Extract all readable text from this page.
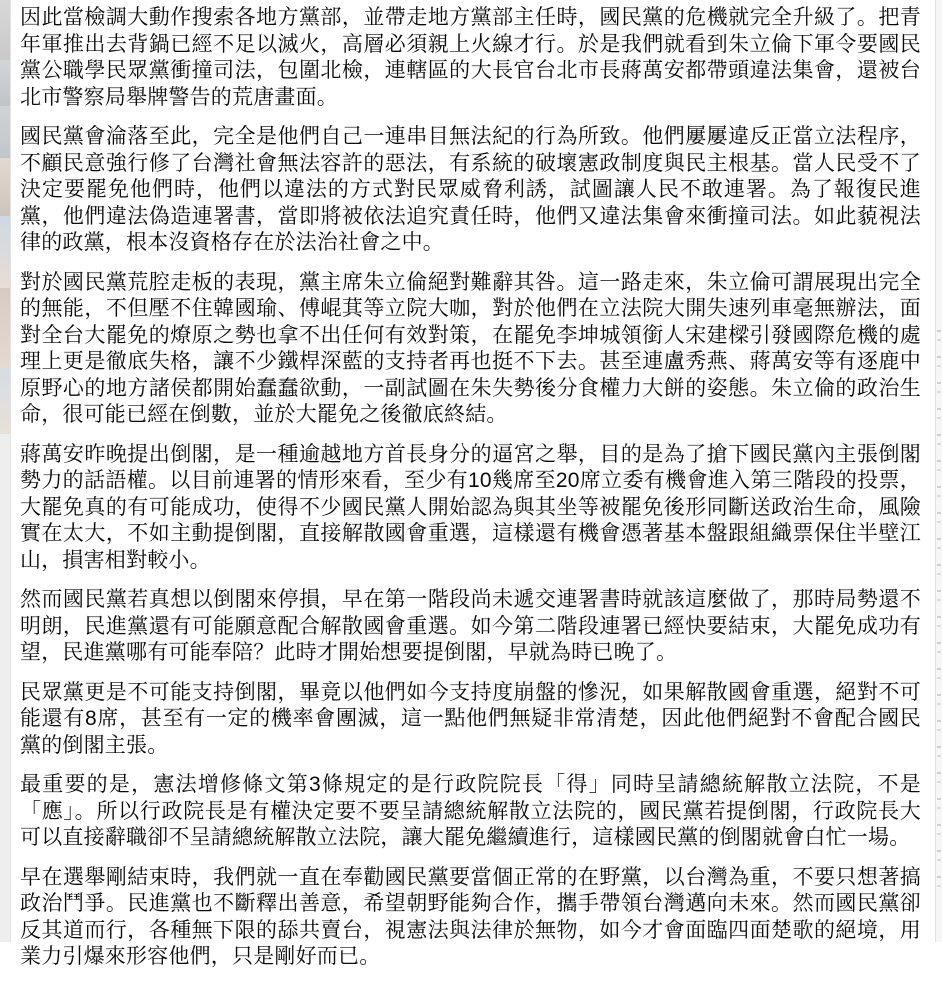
因此當檢調大動作搜索各地方黨部，並帶走地方黨部主任時，國民黨的危機就完全升級了。把青年軍推出去背鍋已經不足以滅火，高層必須親上火線才行。於是我們就看到朱立倫下軍令要國民黨公職學民眾黨衝撞司法，包圍北檢，連轄區的大長官台北市長蔣萬安都帶頭違法集會，還被台北市警察局舉牌警告的荒唐畫面。

國民黨會淪落至此，完全是他們自己一連串目無法紀的行為所致。他們屢屢違反正當立法程序，不顧民意強行修了台灣社會無法容許的惡法，有系統的破壞憲政制度與民主根基。當人民受不了決定要罷免他們時，他們以違法的方式對民眾威脅利誘，試圖讓人民不敢連署。為了報復民進黨，他們違法偽造連署書，當即將被依法追究責任時，他們又違法集會來衝撞司法。如此藐視法律的政黨，根本沒資格存在於法治社會之中。

對於國民黨荒腔走板的表現，黨主席朱立倫絕對難辭其咎。這一路走來，朱立倫可謂展現出完全的無能，不但壓不住韓國瑜、傅崐萁等立院大咖，對於他們在立法院大開失速列車毫無辦法，面對全台大罷免的燎原之勢也拿不出任何有效對策，在罷免李坤城領銜人宋建樑引發國際危機的處理上更是徹底失格，讓不少鐵桿深藍的支持者再也挺不下去。甚至連盧秀燕、蔣萬安等有逐鹿中原野心的地方諸侯都開始蠢蠢欲動，一副試圖在朱失勢後分食權力大餅的姿態。朱立倫的政治生命，很可能已經在倒數，並於大罷免之後徹底終結。

蔣萬安昨晚提出倒閣，是一種逾越地方首長身分的逼宮之舉，目的是為了搶下國民黨內主張倒閣勢力的話語權。以目前連署的情形來看，至少有10幾席至20席立委有機會進入第三階段的投票，大罷免真的有可能成功，使得不少國民黨人開始認為與其坐等被罷免後形同斷送政治生命，風險實在太大，不如主動提倒閣，直接解散國會重選，這樣還有機會憑著基本盤跟組織票保住半壁江山，損害相對較小。

然而國民黨若真想以倒閣來停損，早在第一階段尚未遞交連署書時就該這麼做了，那時局勢還不明朗，民進黨還有可能願意配合解散國會重選。如今第二階段連署已經快要結束，大罷免成功有望，民進黨哪有可能奉陪？此時才開始想要提倒閣，早就為時已晚了。

民眾黨更是不可能支持倒閣，畢竟以他們如今支持度崩盤的慘況，如果解散國會重選，絕對不可能還有8席，甚至有一定的機率會團滅，這一點他們無疑非常清楚，因此他們絕對不會配合國民黨的倒閣主張。

最重要的是，憲法增修條文第3條規定的是行政院院長「得」同時呈請總統解散立法院，不是「應」。所以行政院長是有權決定要不要呈請總統解散立法院的，國民黨若提倒閣，行政院長大可以直接辭職卻不呈請總統解散立法院，讓大罷免繼續進行，這樣國民黨的倒閣就會白忙一場。

早在選舉剛結束時，我們就一直在奉勸國民黨要當個正常的在野黨，以台灣為重，不要只想著搞政治鬥爭。民進黨也不斷釋出善意，希望朝野能夠合作，攜手帶領台灣邁向未來。然而國民黨卻反其道而行，各種無下限的舔共賣台，視憲法與法律於無物，如今才會面臨四面楚歌的絕境，用業力引爆來形容他們，只是剛好而已。
